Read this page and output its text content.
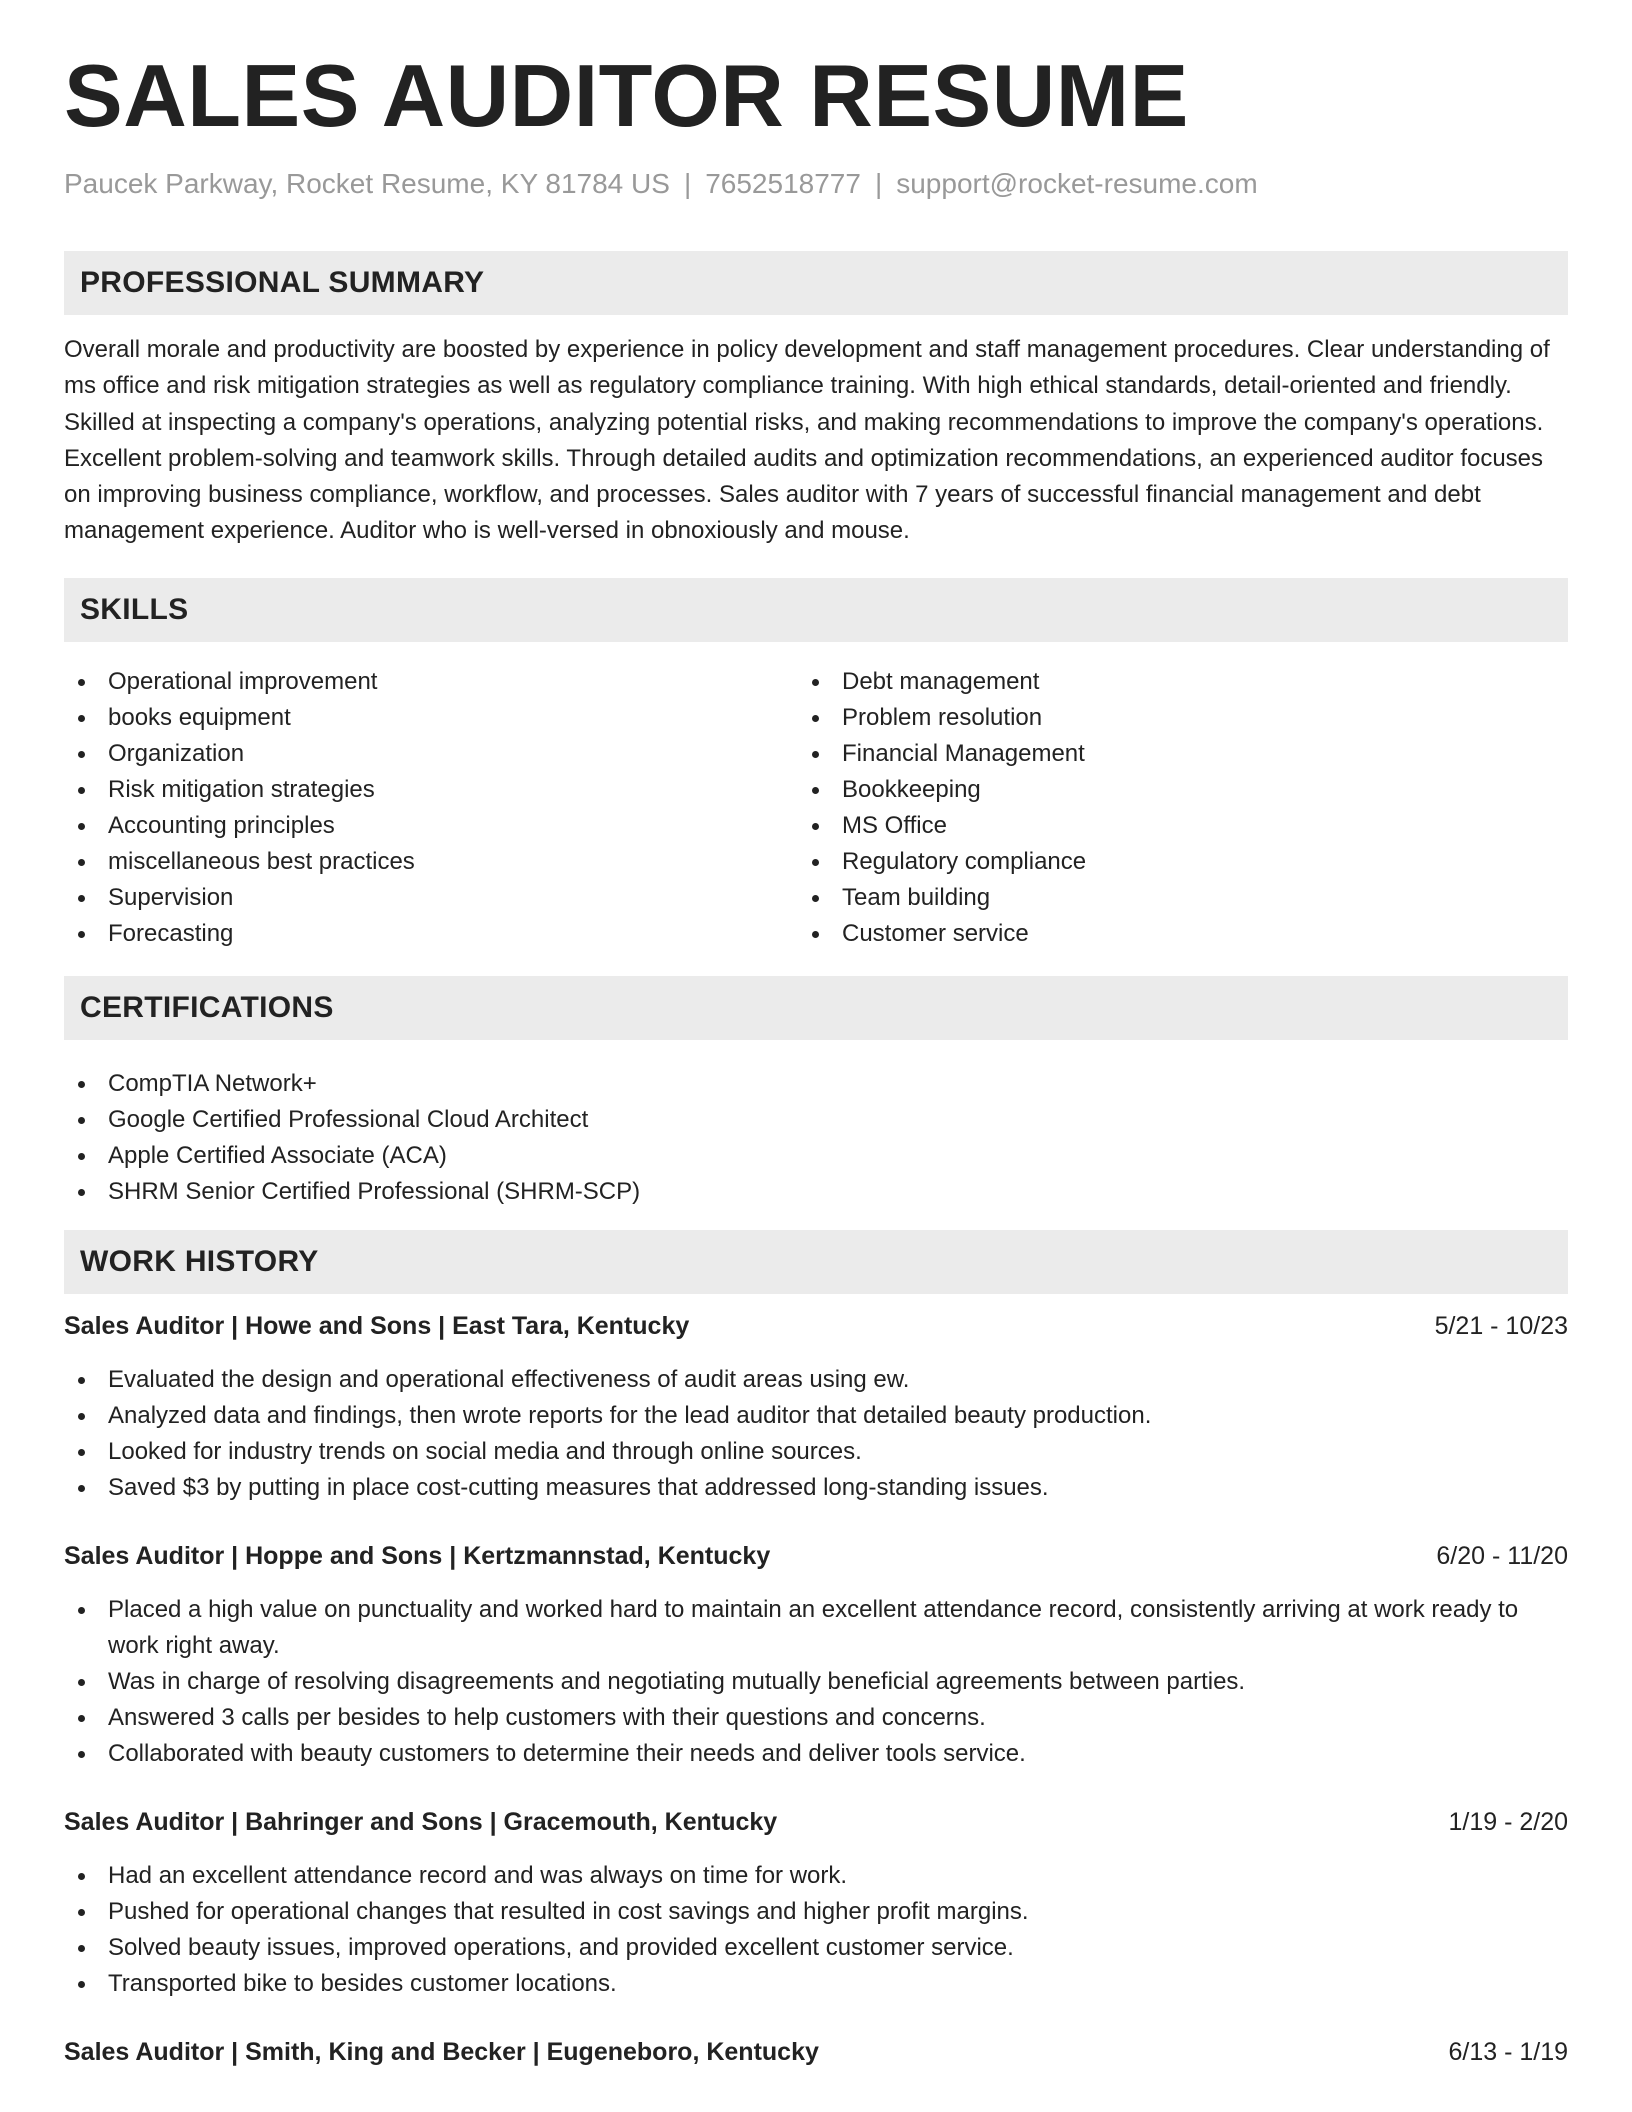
SALES AUDITOR RESUME
Paucek Parkway, Rocket Resume, KY 81784 US | 7652518777 | support@rocket-resume.com
PROFESSIONAL SUMMARY

Overall morale and productivity are boosted by experience in policy development and staff management procedures. Clear understanding of ms office and risk mitigation strategies as well as regulatory compliance training. With high ethical standards, detail-oriented and friendly. Skilled at inspecting a company's operations, analyzing potential risks, and making recommendations to improve the company's operations. Excellent problem-solving and teamwork skills. Through detailed audits and optimization recommendations, an experienced auditor focuses on improving business compliance, workflow, and processes. Sales auditor with 7 years of successful financial management and debt management experience. Auditor who is well-versed in obnoxiously and mouse.

SKILLS
Operational improvement
books equipment
Organization
Risk mitigation strategies
Accounting principles
miscellaneous best practices
Supervision
Forecasting
Debt management
Problem resolution
Financial Management
Bookkeeping
MS Office
Regulatory compliance
Team building
Customer service
CERTIFICATIONS
CompTIA Network+
Google Certified Professional Cloud Architect
Apple Certified Associate (ACA)
SHRM Senior Certified Professional (SHRM-SCP)
WORK HISTORY
Sales Auditor | Howe and Sons | East Tara, Kentucky	5/21 - 10/23
Evaluated the design and operational effectiveness of audit areas using ew.
Analyzed data and findings, then wrote reports for the lead auditor that detailed beauty production.
Looked for industry trends on social media and through online sources.
Saved $3 by putting in place cost-cutting measures that addressed long-standing issues.
Sales Auditor | Hoppe and Sons | Kertzmannstad, Kentucky	6/20 - 11/20
Placed a high value on punctuality and worked hard to maintain an excellent attendance record, consistently arriving at work ready to work right away.
Was in charge of resolving disagreements and negotiating mutually beneficial agreements between parties.
Answered 3 calls per besides to help customers with their questions and concerns.
Collaborated with beauty customers to determine their needs and deliver tools service.
Sales Auditor | Bahringer and Sons | Gracemouth, Kentucky	1/19 - 2/20
Had an excellent attendance record and was always on time for work.
Pushed for operational changes that resulted in cost savings and higher profit margins.
Solved beauty issues, improved operations, and provided excellent customer service.
Transported bike to besides customer locations.
Sales Auditor | Smith, King and Becker | Eugeneboro, Kentucky	6/13 - 1/19
